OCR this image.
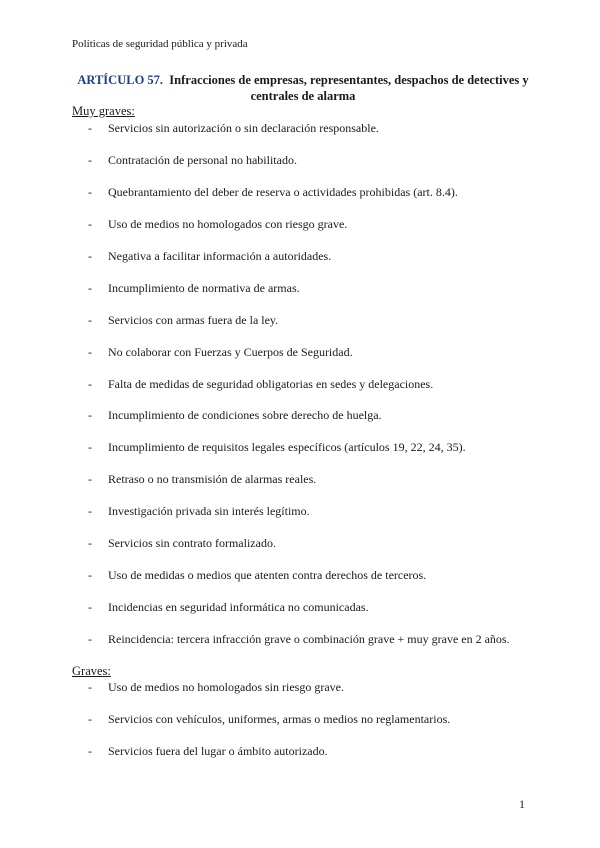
Políticas de seguridad pública y privada
ARTÍCULO 57. Infracciones de empresas, representantes, despachos de detectives y centrales de alarma
Muy graves:
- Servicios sin autorización o sin declaración responsable.
- Contratación de personal no habilitado.
- Quebrantamiento del deber de reserva o actividades prohibidas (art. 8.4).
- Uso de medios no homologados con riesgo grave.
- Negativa a facilitar información a autoridades.
- Incumplimiento de normativa de armas.
- Servicios con armas fuera de la ley.
- No colaborar con Fuerzas y Cuerpos de Seguridad.
- Falta de medidas de seguridad obligatorias en sedes y delegaciones.
- Incumplimiento de condiciones sobre derecho de huelga.
- Incumplimiento de requisitos legales específicos (artículos 19, 22, 24, 35).
- Retraso o no transmisión de alarmas reales.
- Investigación privada sin interés legítimo.
- Servicios sin contrato formalizado.
- Uso de medidas o medios que atenten contra derechos de terceros.
- Incidencias en seguridad informática no comunicadas.
- Reincidencia: tercera infracción grave o combinación grave + muy grave en 2 años.
Graves:
- Uso de medios no homologados sin riesgo grave.
- Servicios con vehículos, uniformes, armas o medios no reglamentarios.
- Servicios fuera del lugar o ámbito autorizado.
1
